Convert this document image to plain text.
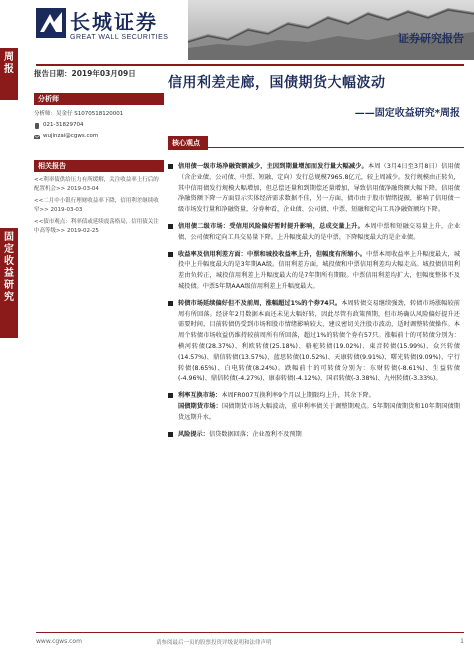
周报
固定收益研究
长城证券
GREAT WALL SECURITIES	证券研究报告
报告日期：2019年03月09日
分析师
分析师：吴金仔 S1070518120001
021-31829704
wujinzai@cgws.com
相关报告
<<利率债供给压力有所缓解，关注收益率上行后的配置机会>> 2019-03-04
<<二月中小银行理财收益率下降，信用利差继续收窄>> 2019-03-03
<<债市观点：利率债或延续震荡格局，信用债关注中高等级>> 2019-02-25
信用利差走廊，国债期货大幅波动
——固定收益研究*周报
核心观点
信用债一级市场净融资额减少，主因到期量增加而发行量大幅减少。本周（3月4日至3月8日）信用债（含企业债、公司债、中票、短融、定向）发行总规模7965.8亿元，较上周减少。发行规模由正转负，其中信用债发行规模大幅增加，但总偿还量和到期偿还量增加，导致信用债净融资额大幅下降。信用债净融资额下降一方面显示实体经济需求数据不佳，另一方面，债市由于股市情绪提振，影响了信用债一级市场发行量和净融资量，分券种看，企业债、公司债、中票、短融和定向工具净融资额均下降。
信用债二级市场：受信用风险偏好暂时提升影响，总成交量上升。本周中票和短融交易量上升，企业债、公司债和定向工具交易量下降。上升幅度最大的是中票，下降幅度最大的是企业债。
收益率及信用利差方面：中票和城投收益率上升，但幅度有所缩小。中票本周收益率上升幅度最大，城投中上升幅度最大的是3年期AA级。信用利差方面，城投债和中票信用利差均大幅走高。城投债信用利差由负转正，城投信用利差上升幅度最大的是7年期所有期限。中票信用利差均扩大，但幅度整体不及城投债。中票5年期AAA级信用利差上升幅度最大。
转债市场延续偏好但不及前周，涨幅超过1%的个券74只。本周转债交易继续强劲，转债市场涨幅较前周有所回落。经济年2月数据本面还未见大幅好转，因此尽管有政策预期，但市场确认风险偏好提升还需要时间，目前转债仍受到市场和股市情绪影响较大，建议密切关注股市波动，适时调整转债操作。本周个转债市场收益仍维持较前周所有所回落，超过1%的转债个券有57只。涨幅前十的可转债分别为：横河转债(28.37%)、利欧转债(25.18%)、骆驼转债(19.02%)、東音转债(15.99%)、众兴转债(14.57%)、鼎信转债(13.57%)、蓝思转债(10.52%)、天康转债(9.91%)、曙光转债(9.09%)、宁行转债(8.65%)、白电转债(8.24%)。跌幅前十的可转债分别为：东财转债(-8.61%)、生益转债(-4.96%)、鼎信转债(-4.27%)、康泰转债(-4.12%)、国君转债(-3.38%)、九州转债(-3.33%)。
利率互换市场：本周FR007互换利率9个月以上期限均上升，其余下降。
国债期货市场：国债期货市场大幅波动，重申利率债关于调整期观点。5年期国债期货和10年期国债期货远期升水。
风险提示：信贷数据回落；企业盈利不及预期
www.cgws.com	请参阅最后一页的股票投资评级说明和法律声明	1
